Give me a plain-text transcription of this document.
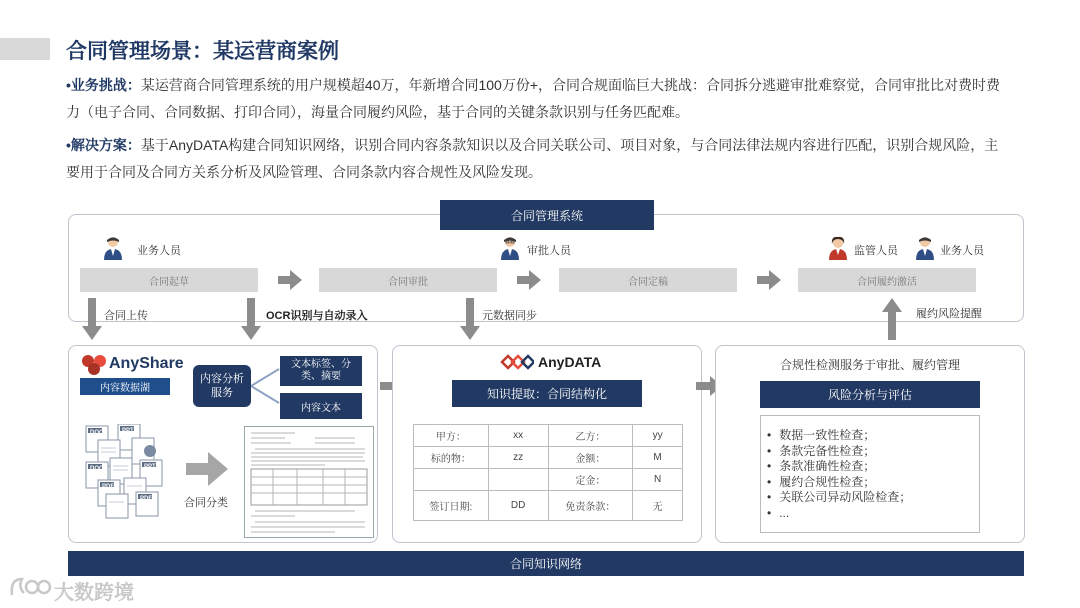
合同管理场景：某运营商案例
•业务挑战：某运营商合同管理系统的用户规模超40万，年新增合同100万份+，合同合规面临巨大挑战：合同拆分逃避审批难察觉，合同审批比对费时费力（电子合同、合同数据、打印合同），海量合同履约风险，基于合同的关键条款识别与任务匹配难。
•解决方案：基于AnyDATA构建合同知识网络，识别合同内容条款知识以及合同关联公司、项目对象，与合同法律法规内容进行匹配，识别合规风险，主要用于合同及合同方关系分析及风险管理、合同条款内容合规性及风险发现。
合同管理系统
业务人员	审批人员	监管人员	业务人员
合同起草	合同审批	合同定稿	合同履约激活
合同上传	OCR识别与自动录入	元数据同步	履约风险提醒
AnyShare
内容数据湖
内容分析服务
文本标签、分类、摘要
内容文本
DOC	PPT
DOC	PPT
PDF
PDF	合同分类
AnyDATA
知识提取：合同结构化
甲方：	xx	乙方：	yy
标的物：	zz	金额：	M
		定金：	N
签订日期:	DD	免责条款：	无
合规性检测服务于审批、履约管理
风险分析与评估
• 数据一致性检查；
• 条款完备性检查；
• 条款准确性检查；
• 履约合规性检查；
• 关联公司异动风险检查；
• ...
合同知识网络
大数跨境
